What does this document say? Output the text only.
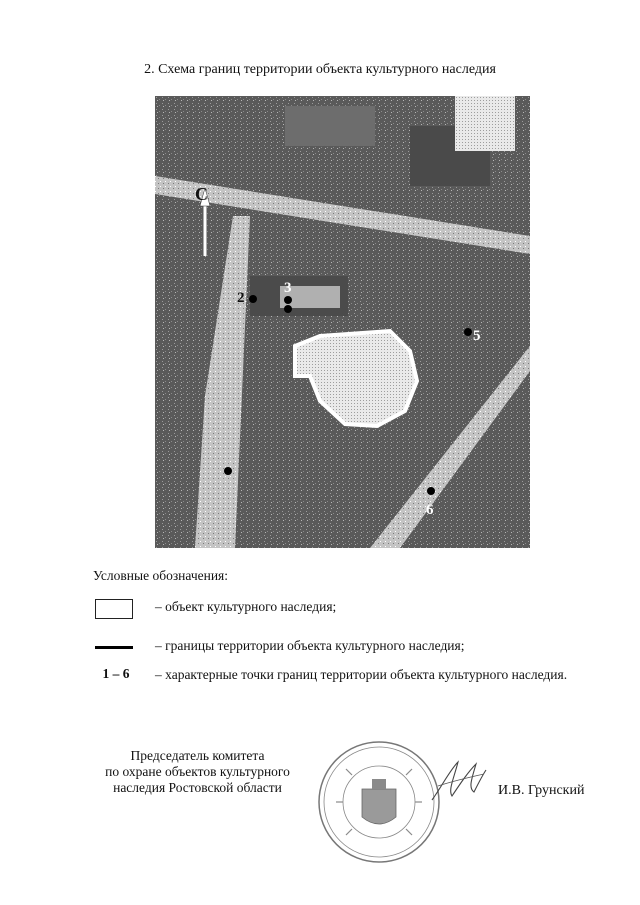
2. Схема границ территории объекта культурного наследия
С
2
3
5
6
Условные обозначения:
– объект культурного наследия;
– границы территории объекта культурного наследия;
1 – 6	– характерные точки границ территории объекта культурного наследия.
Председатель комитета
по охране объектов культурного
наследия Ростовской области	И.В. Грунский
